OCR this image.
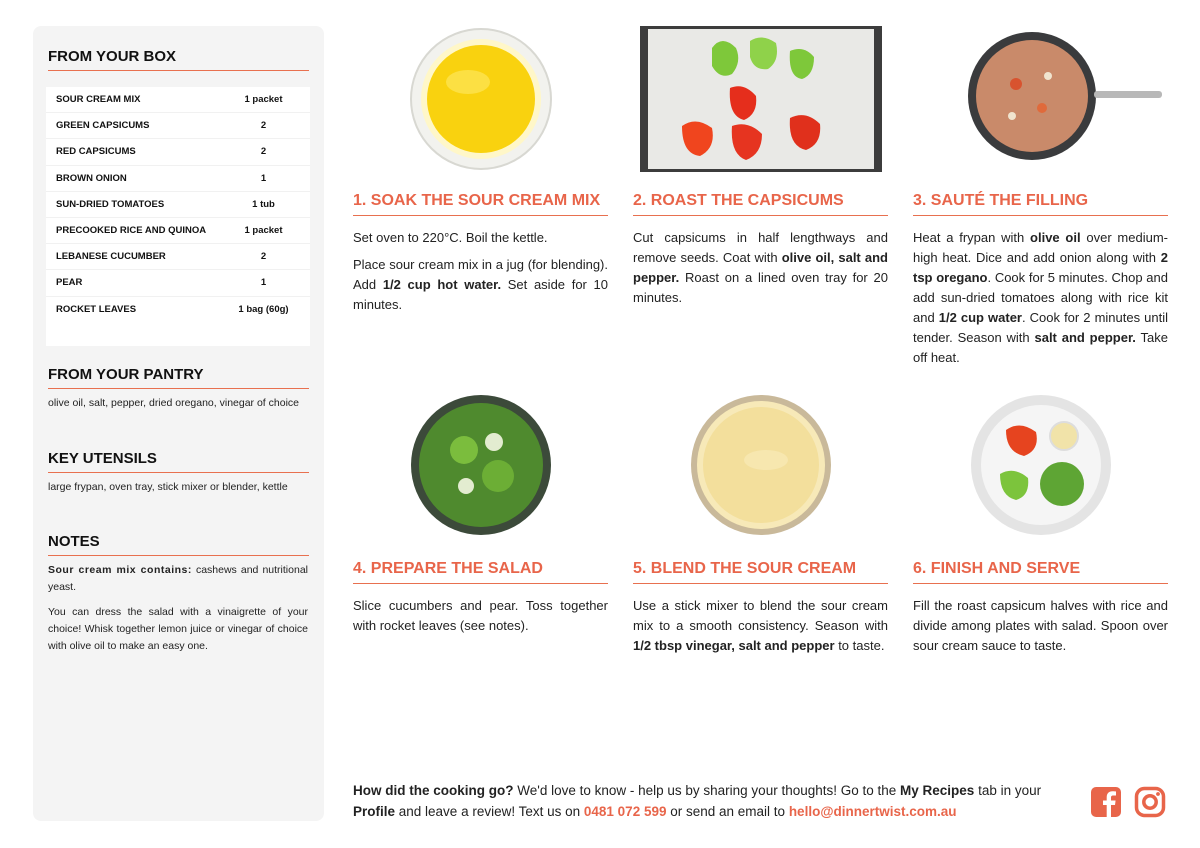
FROM YOUR BOX
SOUR CREAM MIX	1 packet
GREEN CAPSICUMS	2
RED CAPSICUMS	2
BROWN ONION	1
SUN-DRIED TOMATOES	1 tub
PRECOOKED RICE AND QUINOA	1 packet
LEBANESE CUCUMBER	2
PEAR	1
ROCKET LEAVES	1 bag (60g)
FROM YOUR PANTRY
olive oil, salt, pepper, dried oregano, vinegar of choice
KEY UTENSILS
large frypan, oven tray, stick mixer or blender, kettle
NOTES
Sour cream mix contains: cashews and nutritional yeast.
You can dress the salad with a vinaigrette of your choice! Whisk together lemon juice or vinegar of choice with olive oil to make an easy one.
1. SOAK THE SOUR CREAM MIX

Set oven to 220°C. Boil the kettle.

Place sour cream mix in a jug (for blending). Add 1/2 cup hot water. Set aside for 10 minutes.

2. ROAST THE CAPSICUMS

Cut capsicums in half lengthways and remove seeds. Coat with olive oil, salt and pepper. Roast on a lined oven tray for 20 minutes.

3. SAUTÉ THE FILLING

Heat a frypan with olive oil over medium-high heat. Dice and add onion along with 2 tsp oregano. Cook for 5 minutes. Chop and add sun-dried tomatoes along with rice kit and 1/2 cup water. Cook for 2 minutes until tender. Season with salt and pepper. Take off heat.

4. PREPARE THE SALAD

Slice cucumbers and pear. Toss together with rocket leaves (see notes).

5. BLEND THE SOUR CREAM

Use a stick mixer to blend the sour cream mix to a smooth consistency. Season with 1/2 tbsp vinegar, salt and pepper to taste.

6. FINISH AND SERVE

Fill the roast capsicum halves with rice and divide among plates with salad. Spoon over sour cream sauce to taste.

How did the cooking go? We'd love to know - help us by sharing your thoughts! Go to the My Recipes tab in your Profile and leave a review! Text us on 0481 072 599 or send an email to hello@dinnertwist.com.au
